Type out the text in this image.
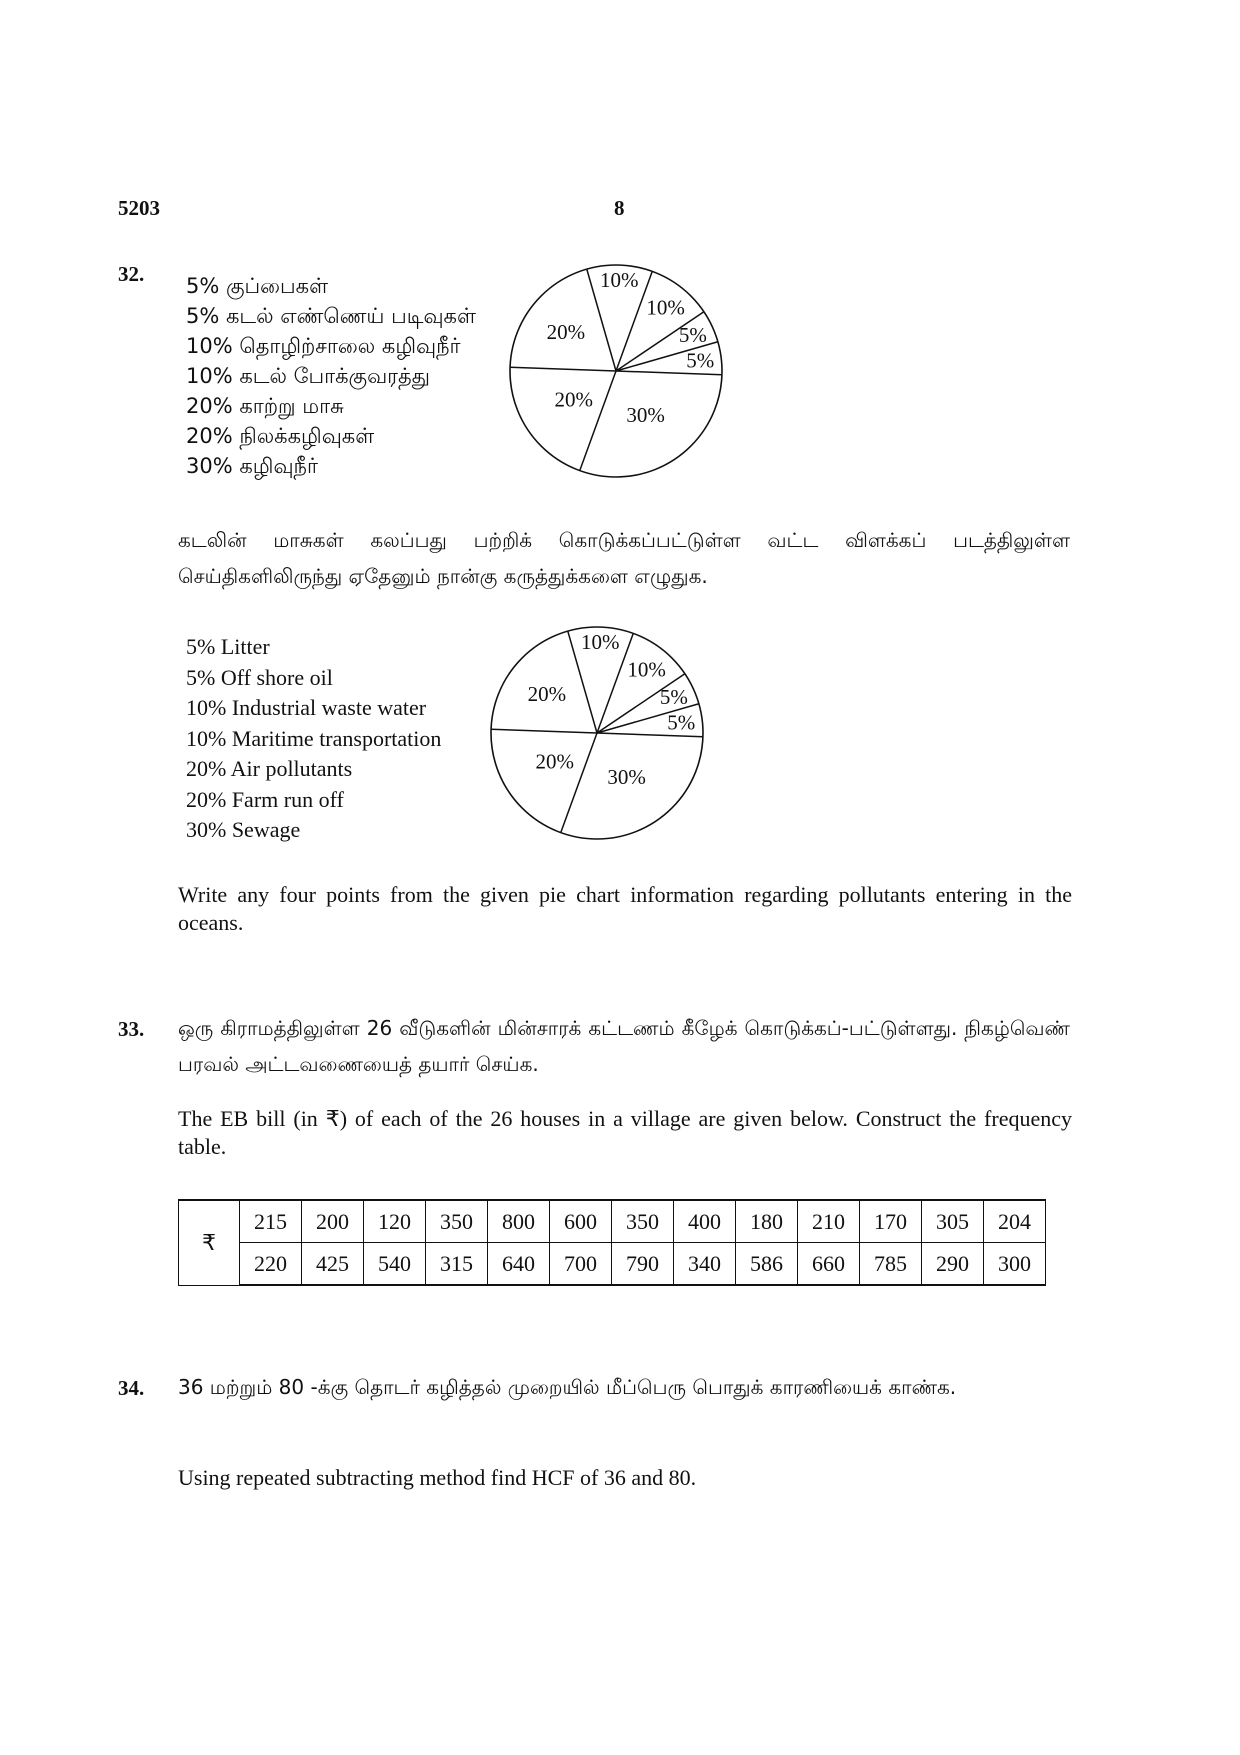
5203	8
32. 5% குப்பைகள்
5% கடல் எண்ணெய் படிவுகள்
10% தொழிற்சாலை கழிவுநீர்
10% கடல் போக்குவரத்து
20% காற்று மாசு
20% நிலக்கழிவுகள்
30% கழிவுநீர்
10%
10%
5%
5%
30%
20%
20%
கடலின் மாசுகள் கலப்பது பற்றிக் கொடுக்கப்பட்டுள்ள வட்ட விளக்கப் படத்திலுள்ள செய்திகளிலிருந்து ஏதேனும் நான்கு கருத்துக்களை எழுதுக.
5% Litter
5% Off shore oil
10% Industrial waste water
10% Maritime transportation
20% Air pollutants
20% Farm run off
30% Sewage
10%
10%
5%
5%
30%
20%
20%
Write any four points from the given pie chart information regarding pollutants entering in the oceans.
33. ஒரு கிராமத்திலுள்ள 26 வீடுகளின் மின்சாரக் கட்டணம் கீழேக் கொடுக்கப்-பட்டுள்ளது. நிகழ்வெண் பரவல் அட்டவணையைத் தயார் செய்க.
The EB bill (in ₹) of each of the 26 houses in a village are given below. Construct the frequency table.
₹	215	200	120	350	800	600	350	400	180	210	170	305	204
	220	425	540	315	640	700	790	340	586	660	785	290	300
34. 36 மற்றும் 80 -க்கு தொடர் கழித்தல் முறையில் மீப்பெரு பொதுக் காரணியைக் காண்க.
Using repeated subtracting method find HCF of 36 and 80.
